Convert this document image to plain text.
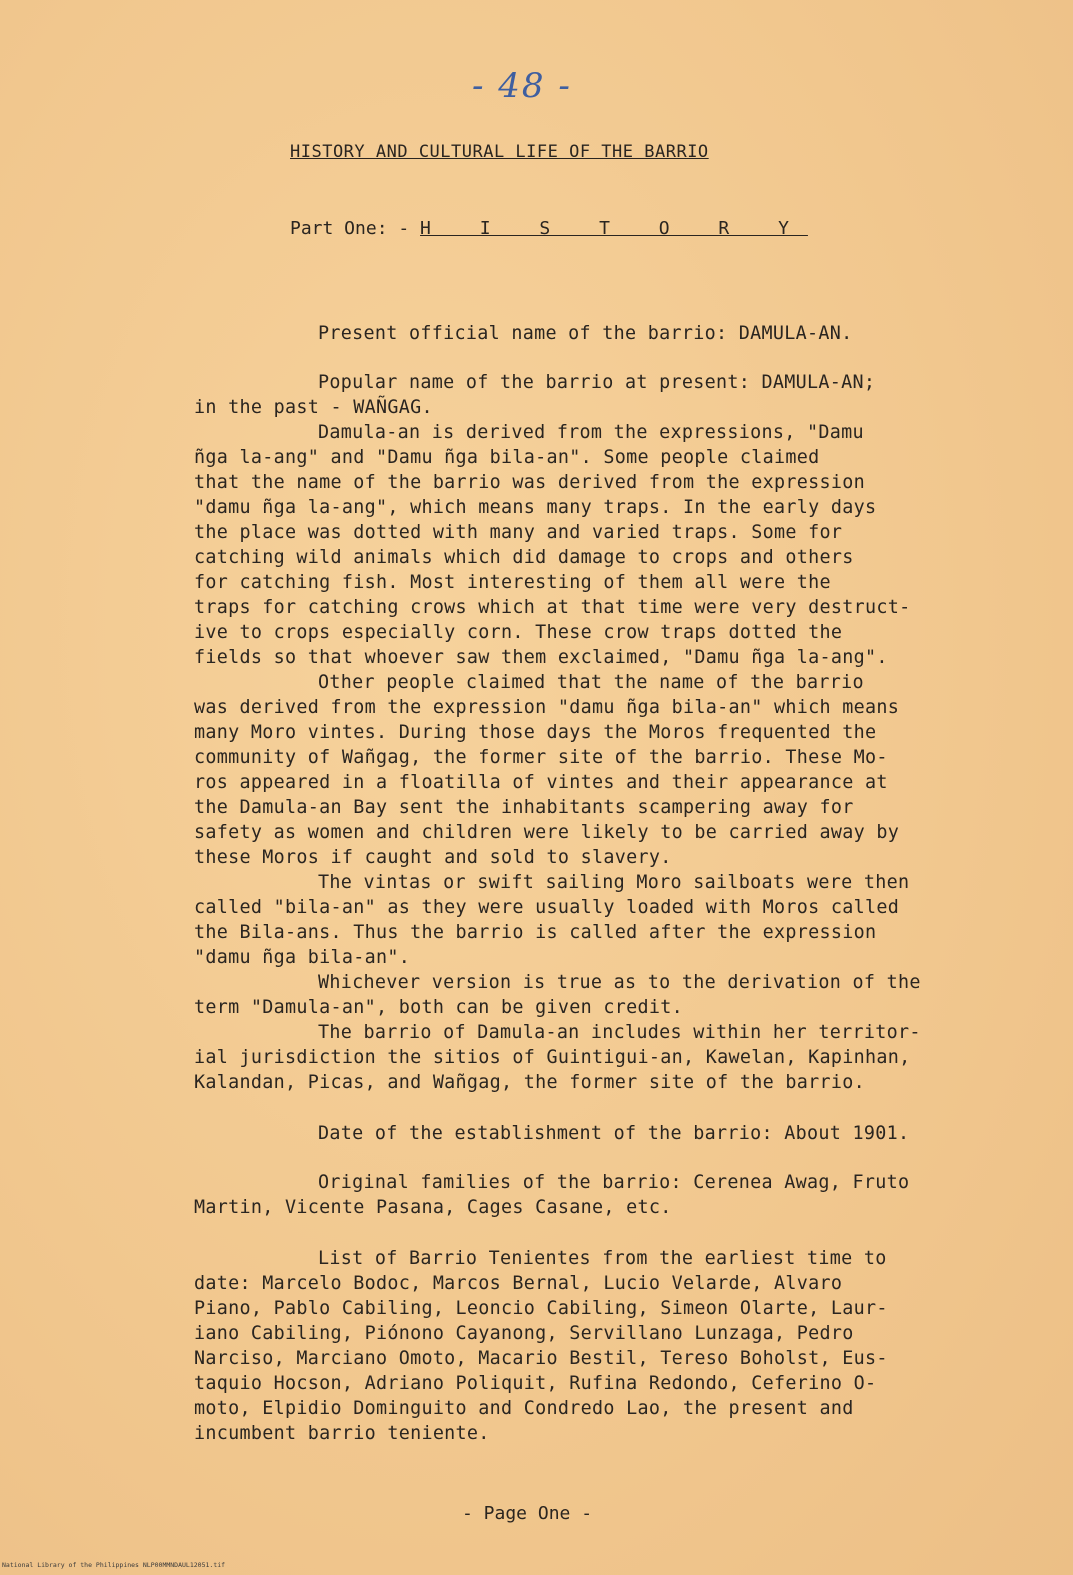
- 48 -
HISTORY AND CULTURAL LIFE OF THE BARRIO
Part One: - H I S T O R Y
Present official name of the barrio: DAMULA-AN.
Popular name of the barrio at present: DAMULA-AN;
in the past - WAÑGAG.
Damula-an is derived from the expressions, "Damu
ñga la-ang" and "Damu ñga bila-an". Some people claimed
that the name of the barrio was derived from the expression
"damu ñga la-ang", which means many traps. In the early days
the place was dotted with many and varied traps. Some for
catching wild animals which did damage to crops and others
for catching fish. Most interesting of them all were the
traps for catching crows which at that time were very destruct-
ive to crops especially corn. These crow traps dotted the
fields so that whoever saw them exclaimed, "Damu ñga la-ang".
Other people claimed that the name of the barrio
was derived from the expression "damu ñga bila-an" which means
many Moro vintes. During those days the Moros frequented the
community of Wañgag, the former site of the barrio. These Mo-
ros appeared in a floatilla of vintes and their appearance at
the Damula-an Bay sent the inhabitants scampering away for
safety as women and children were likely to be carried away by
these Moros if caught and sold to slavery.
The vintas or swift sailing Moro sailboats were then
called "bila-an" as they were usually loaded with Moros called
the Bila-ans. Thus the barrio is called after the expression
"damu ñga bila-an".
Whichever version is true as to the derivation of the
term "Damula-an", both can be given credit.
The barrio of Damula-an includes within her territor-
ial jurisdiction the sitios of Guintigui-an, Kawelan, Kapinhan,
Kalandan, Picas, and Wañgag, the former site of the barrio.
Date of the establishment of the barrio: About 1901.
Original families of the barrio: Cerenea Awag, Fruto
Martin, Vicente Pasana, Cages Casane, etc.
List of Barrio Tenientes from the earliest time to
date: Marcelo Bodoc, Marcos Bernal, Lucio Velarde, Alvaro
Piano, Pablo Cabiling, Leoncio Cabiling, Simeon Olarte, Laur-
iano Cabiling, Piónono Cayanong, Servillano Lunzaga, Pedro
Narciso, Marciano Omoto, Macario Bestil, Tereso Boholst, Eus-
taquio Hocson, Adriano Poliquit, Rufina Redondo, Ceferino O-
moto, Elpidio Dominguito and Condredo Lao, the present and
incumbent barrio teniente.
- Page One -
National Library of the Philippines NLP00MMNDAUL12051.tif
